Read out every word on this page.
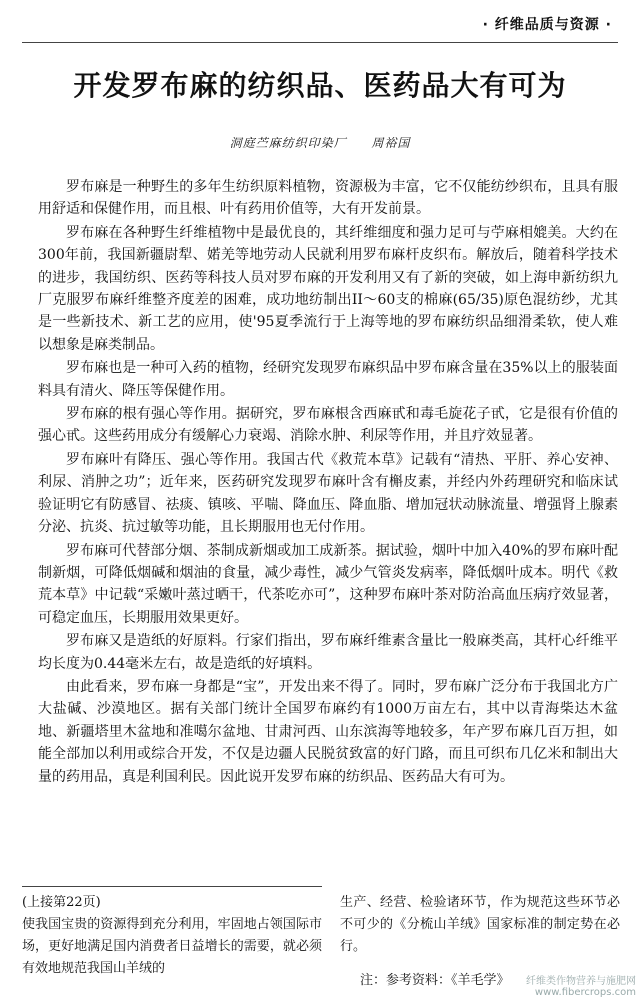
· 纤维品质与资源 ·
开发罗布麻的纺织品、医药品大有可为
洞庭苎麻纺织印染厂 周裕国

罗布麻是一种野生的多年生纺织原料植物，资源极为丰富，它不仅能纺纱织布，且具有服用舒适和保健作用，而且根、叶有药用价值等，大有开发前景。

罗布麻在各种野生纤维植物中是最优良的，其纤维细度和强力足可与苧麻相媲美。大约在300年前，我国新疆尉犁、婼羌等地劳动人民就利用罗布麻杆皮织布。解放后，随着科学技术的进步，我国纺织、医药等科技人员对罗布麻的开发利用又有了新的突破，如上海申新纺织九厂克服罗布麻纤维整齐度差的困难，成功地纺制出II～60支的棉麻(65/35)原色混纺纱，尤其是一些新技术、新工艺的应用，使'95夏季流行于上海等地的罗布麻纺织品细滑柔软，使人难以想象是麻类制品。

罗布麻也是一种可入药的植物，经研究发现罗布麻织品中罗布麻含量在35%以上的服装面料具有清火、降压等保健作用。

罗布麻的根有强心等作用。据研究，罗布麻根含西麻甙和毒毛旋花子甙，它是很有价值的强心甙。这些药用成分有缓解心力衰竭、消除水肿、利尿等作用，并且疗效显著。

罗布麻叶有降压、强心等作用。我国古代《救荒本草》记载有“清热、平肝、养心安神、利尿、消肿之功”；近年来，医药研究发现罗布麻叶含有槲皮素，并经内外药理研究和临床试验证明它有防感冒、祛痰、镇咳、平喘、降血压、降血脂、增加冠状动脉流量、增强肾上腺素分泌、抗炎、抗过敏等功能，且长期服用也无付作用。

罗布麻可代替部分烟、茶制成新烟或加工成新茶。据试验，烟叶中加入40%的罗布麻叶配制新烟，可降低烟碱和烟油的食量，减少毒性，减少气管炎发病率，降低烟叶成本。明代《救荒本草》中记载“采嫩叶蒸过晒干，代茶吃亦可”，这种罗布麻叶茶对防治高血压病疗效显著，可稳定血压，长期服用效果更好。

罗布麻又是造纸的好原料。行家们指出，罗布麻纤维素含量比一般麻类高，其杆心纤维平均长度为0.44毫米左右，故是造纸的好填料。

由此看来，罗布麻一身都是“宝”，开发出来不得了。同时，罗布麻广泛分布于我国北方广大盐碱、沙漠地区。据有关部门统计全国罗布麻约有1000万亩左右，其中以青海柴达木盆地、新疆塔里木盆地和准噶尔盆地、甘肃河西、山东滨海等地较多，年产罗布麻几百万担，如能全部加以利用或综合开发，不仅是边疆人民脱贫致富的好门路，而且可织布几亿米和制出大量的药用品，真是利国利民。因此说开发罗布麻的纺织品、医药品大有可为。

(上接第22页)
使我国宝贵的资源得到充分利用，牢固地占领国际市场，更好地满足国内消费者日益增长的需要，就必须有效地规范我国山羊绒的
生产、经营、检验诸环节，作为规范这些环节必不可少的《分梳山羊绒》国家标准的制定势在必行。
注：参考资料：《羊毛学》	纤维类作物营养与施肥网
www.fibercrops.com
